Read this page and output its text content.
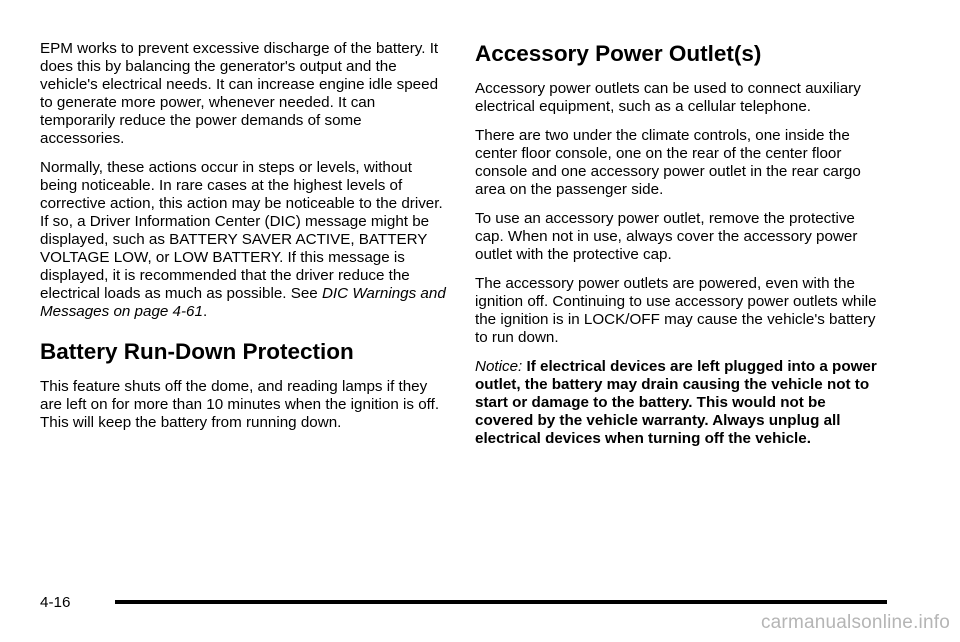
EPM works to prevent excessive discharge of the battery. It does this by balancing the generator's output and the vehicle's electrical needs. It can increase engine idle speed to generate more power, whenever needed. It can temporarily reduce the power demands of some accessories.

Normally, these actions occur in steps or levels, without being noticeable. In rare cases at the highest levels of corrective action, this action may be noticeable to the driver. If so, a Driver Information Center (DIC) message might be displayed, such as BATTERY SAVER ACTIVE, BATTERY VOLTAGE LOW, or LOW BATTERY. If this message is displayed, it is recommended that the driver reduce the electrical loads as much as possible. See DIC Warnings and Messages on page 4‑61.

Battery Run-Down Protection

This feature shuts off the dome, and reading lamps if they are left on for more than 10 minutes when the ignition is off. This will keep the battery from running down.

Accessory Power Outlet(s)

Accessory power outlets can be used to connect auxiliary electrical equipment, such as a cellular telephone.

There are two under the climate controls, one inside the center floor console, one on the rear of the center floor console and one accessory power outlet in the rear cargo area on the passenger side.

To use an accessory power outlet, remove the protective cap. When not in use, always cover the accessory power outlet with the protective cap.

The accessory power outlets are powered, even with the ignition off. Continuing to use accessory power outlets while the ignition is in LOCK/OFF may cause the vehicle's battery to run down.

Notice: If electrical devices are left plugged into a power outlet, the battery may drain causing the vehicle not to start or damage to the battery. This would not be covered by the vehicle warranty. Always unplug all electrical devices when turning off the vehicle.

4-16
carmanualsonline.info
